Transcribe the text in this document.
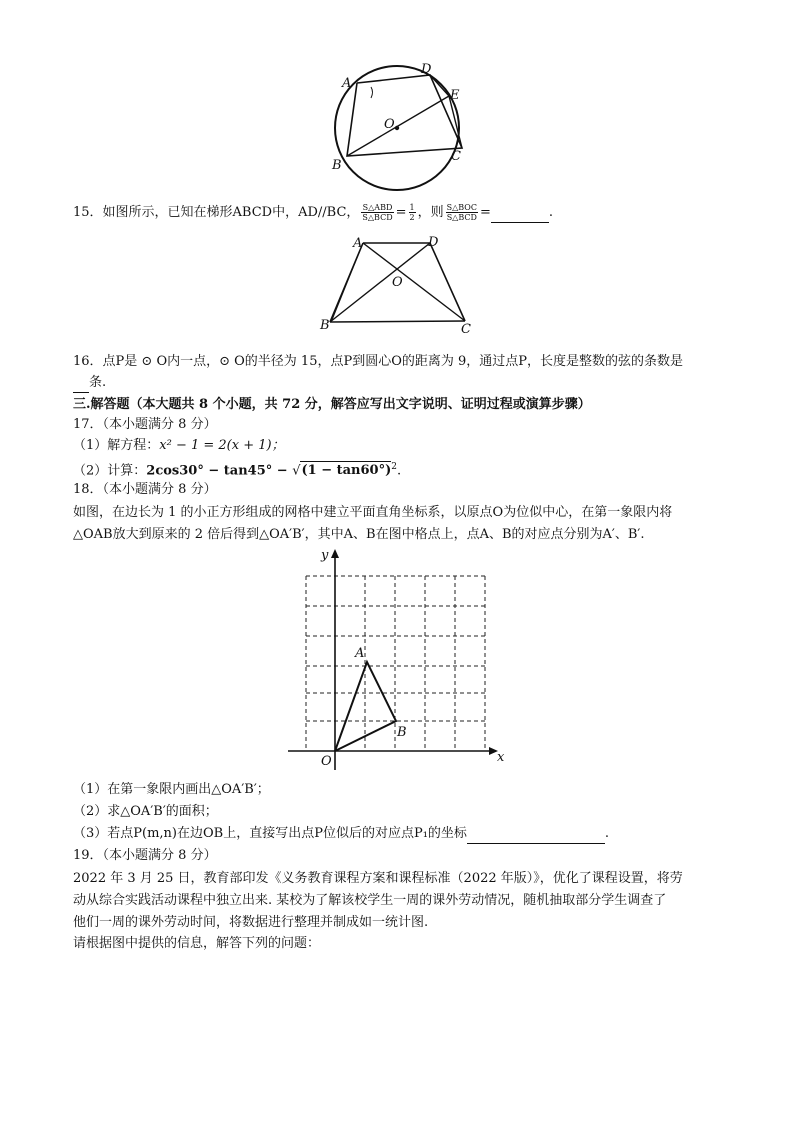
A
D
E
O
B
C
15．如图所示，已知在梯形ABCD中，AD//BC， $\frac{\text{S△ABD}}{\text{S△BCD}} = \frac{1}{2}$ ，则 $\frac{\text{S△BOC}}{\text{S△BCD}}$ =	.
A	D
O
B	C
16．点P是 ⊙ O内一点，⊙ O的半径为 15，点P到圆心O的距离为 9，通过点P，长度是整数的弦的条数是
条.
三.解答题（本大题共 8 个小题，共 72 分，解答应写出文字说明、证明过程或演算步骤）
17．（本小题满分 8 分）
（1）解方程：x² − 1 = 2(x + 1)；
（2）计算：$2\cos 30^\circ - \tan 45^\circ - √(1 - \tan 60^\circ)^2$.
18．（本小题满分 8 分）
如图，在边长为 1 的小正方形组成的网格中建立平面直角坐标系，以原点O为位似中心，在第一象限内将
△OAB放大到原来的 2 倍后得到△OA′B′，其中A、B在图中格点上，点A、B的对应点分别为A′、B′.
y
x
O
A
B
（1）在第一象限内画出△OA′B′；
（2）求△OA′B′的面积；
（3）若点P(m,n)在边OB上，直接写出点P位似后的对应点P₁的坐标	.
19．（本小题满分 8 分）
2022 年 3 月 25 日，教育部印发《义务教育课程方案和课程标准（2022 年版）》，优化了课程设置，将劳
动从综合实践活动课程中独立出来. 某校为了解该校学生一周的课外劳动情况，随机抽取部分学生调查了
他们一周的课外劳动时间，将数据进行整理并制成如一统计图.
请根据图中提供的信息，解答下列的问题：
